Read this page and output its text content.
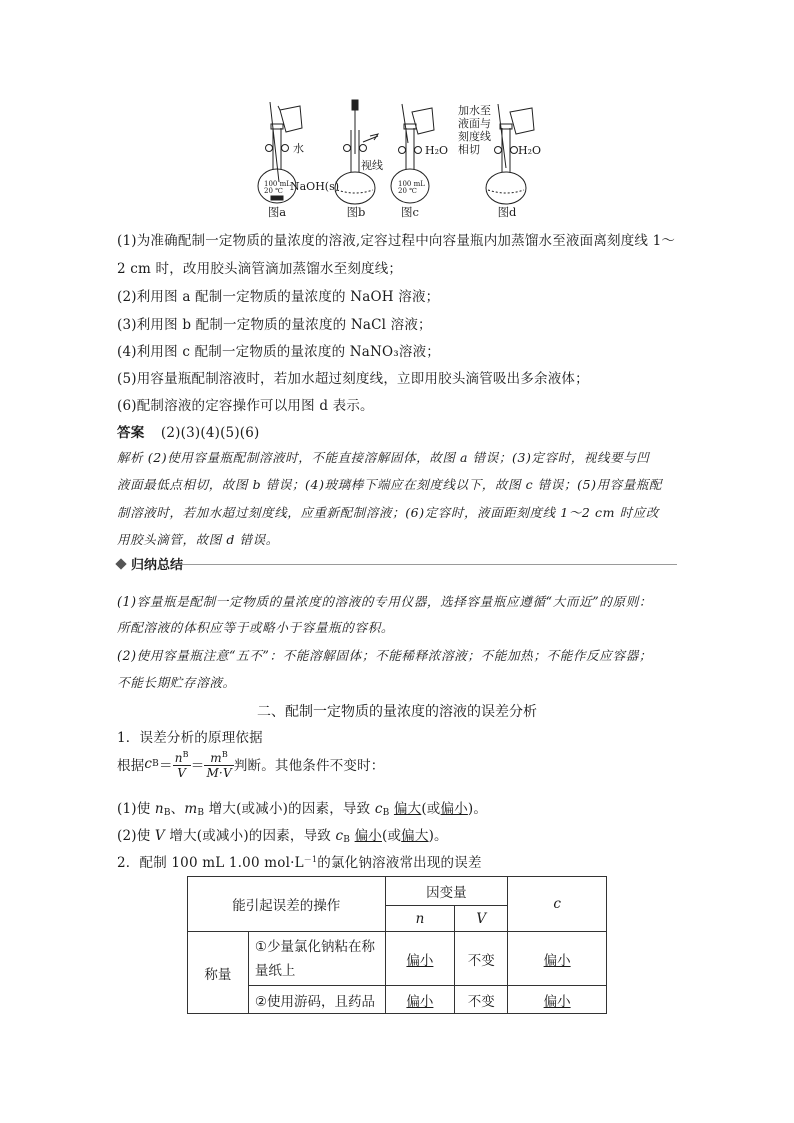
水
100 mL
20 ℃ NaOH(s)
视线
H₂O
100 mL
20 ℃
加水至
液面与
刻度线
相切	H₂O
图a	图b	图c	图d
(1)为准确配制一定物质的量浓度的溶液,定容过程中向容量瓶内加蒸馏水至液面离刻度线 1～
2 cm 时，改用胶头滴管滴加蒸馏水至刻度线；
(2)利用图 a 配制一定物质的量浓度的 NaOH 溶液；
(3)利用图 b 配制一定物质的量浓度的 NaCl 溶液；
(4)利用图 c 配制一定物质的量浓度的 NaNO₃溶液；
(5)用容量瓶配制溶液时，若加水超过刻度线，立即用胶头滴管吸出多余液体；
(6)配制溶液的定容操作可以用图 d 表示。
答案 (2)(3)(4)(5)(6)
解析 (2)使用容量瓶配制溶液时，不能直接溶解固体，故图 a 错误；(3)定容时，视线要与凹
液面最低点相切，故图 b 错误；(4)玻璃棒下端应在刻度线以下，故图 c 错误；(5)用容量瓶配
制溶液时，若加水超过刻度线，应重新配制溶液；(6)定容时，液面距刻度线 1～2 cm 时应改
用胶头滴管，故图 d 错误。
归纳总结
(1)容量瓶是配制一定物质的量浓度的溶液的专用仪器，选择容量瓶应遵循“大而近”的原则：
所配溶液的体积应等于或略小于容量瓶的容积。
(2)使用容量瓶注意“五不”：不能溶解固体；不能稀释浓溶液；不能加热；不能作反应容器；
不能长期贮存溶液。
二、配制一定物质的量浓度的溶液的误差分析
1．误差分析的原理依据
根据 c $B = \frac{n^B}{V} = \frac{m^B}{M\cdot V}$ 判断。其他条件不变时：
(1)使 $n_B$、$m_B$ 增大(或减小)的因素，导致 $c_B$ 偏大(或偏小)。
(2)使 V 增大(或减小)的因素，导致 $c_B$ 偏小(或偏大)。
2．配制 100 mL 1.00 $mol\cdot L^{-1}$的氯化钠溶液常出现的误差
能引起误差的操作		因变量		c
		n	V	
称量	①少量氯化钠粘在称
量纸上	偏小	不变	偏小
	②使用游码，且药品	偏小	不变	偏小
